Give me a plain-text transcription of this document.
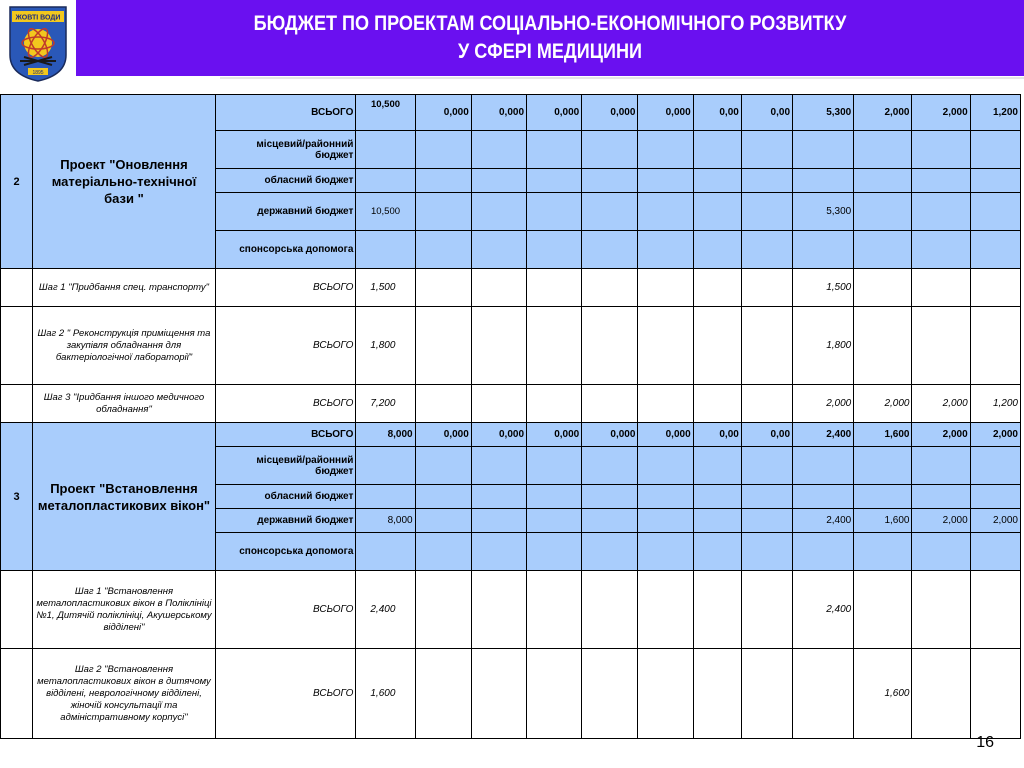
БЮДЖЕТ ПО ПРОЕКТАМ СОЦІАЛЬНО-ЕКОНОМІЧНОГО РОЗВИТКУ
У СФЕРІ МЕДИЦИНИ
ЖОВТІ ВОДИ
1895
2	Проект "Оновлення матеріально-технічної бази "	ВСЬОГО	10,500	0,000	0,000	0,000	0,000	0,000	0,00	0,00	5,300	2,000	2,000	1,200
		місцевий/районний бюджет												
		обласний бюджет												
		державний бюджет	10,500								5,300			
		спонсорська допомога												
	Шаг 1 "Придбання спец. транспорту"	ВСЬОГО	1,500								1,500			
	Шаг 2 " Реконструкція приміщення та закупівля обладнання для бактеріологічної лабораторії"	ВСЬОГО	1,800								1,800			
	Шаг 3 "Ipидбання іншого медичного обладнання"	ВСЬОГО	7,200								2,000	2,000	2,000	1,200
3	Проект "Встановлення металопластикових вікон"	ВСЬОГО	8,000	0,000	0,000	0,000	0,000	0,000	0,00	0,00	2,400	1,600	2,000	2,000
		місцевий/районний бюджет												
		обласний бюджет												
		державний бюджет	8,000								2,400	1,600	2,000	2,000
		спонсорська допомога												
	Шаг 1 "Встановлення металопластикових вікон в Поліклініці №1, Дитячій поліклініці, Акушерському відділені"	ВСЬОГО	2,400								2,400			
	Шаг 2 "Встановлення металопластикових вікон в дитячому відділені, неврологічному відділені, жіночій консультації та адміністративному корпусі"	ВСЬОГО	1,600									1,600		
16
